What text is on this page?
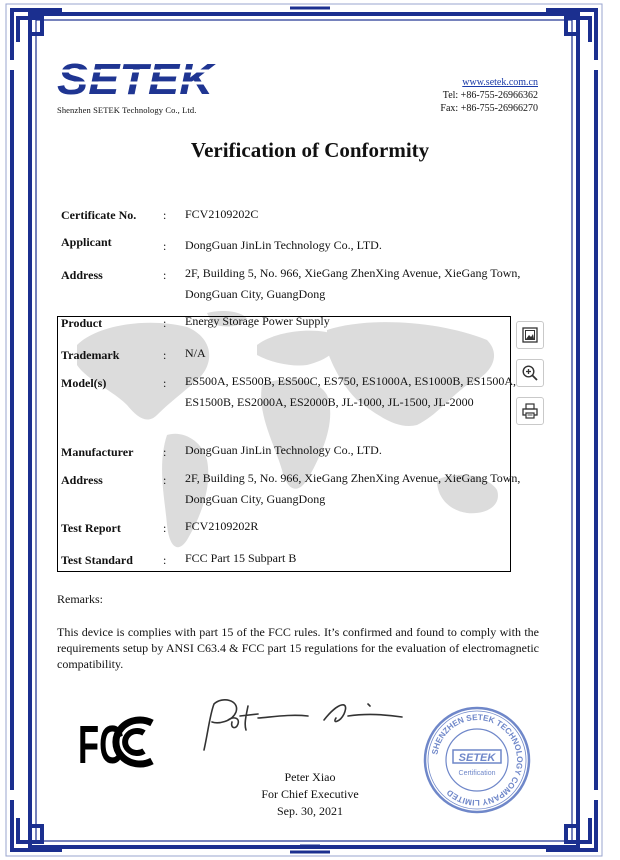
SETEK
Shenzhen SETEK Technology Co., Ltd.
www.setek.com.cn
Tel: +86-755-26966362
Fax: +86-755-26966270
Verification of Conformity
Certificate No. : FCV2109202C
Applicant	: DongGuan JinLin Technology Co., LTD.
Address	: 2F, Building 5, No. 966, XieGang ZhenXing Avenue, XieGang Town, DongGuan City, GuangDong
Product	: Energy Storage Power Supply
Trademark	: N/A
Model(s)	: ES500A, ES500B, ES500C, ES750, ES1000A, ES1000B, ES1500A, ES1500B, ES2000A, ES2000B, JL-1000, JL-1500, JL-2000
Manufacturer : DongGuan JinLin Technology Co., LTD.
Address	: 2F, Building 5, No. 966, XieGang ZhenXing Avenue, XieGang Town, DongGuan City, GuangDong
Test Report	: FCV2109202R
Test Standard	: FCC Part 15 Subpart B
Remarks:
This device is complies with part 15 of the FCC rules. It’s confirmed and found to comply with the requirements setup by ANSI C63.4 & FCC part 15 regulations for the evaluation of electromagnetic compatibility.
FC
Peter Xiao
For Chief Executive
Sep. 30, 2021
SHENZHEN SETEK TECHNOLOGY COMPANY LIMITED
SETEK
Certification
